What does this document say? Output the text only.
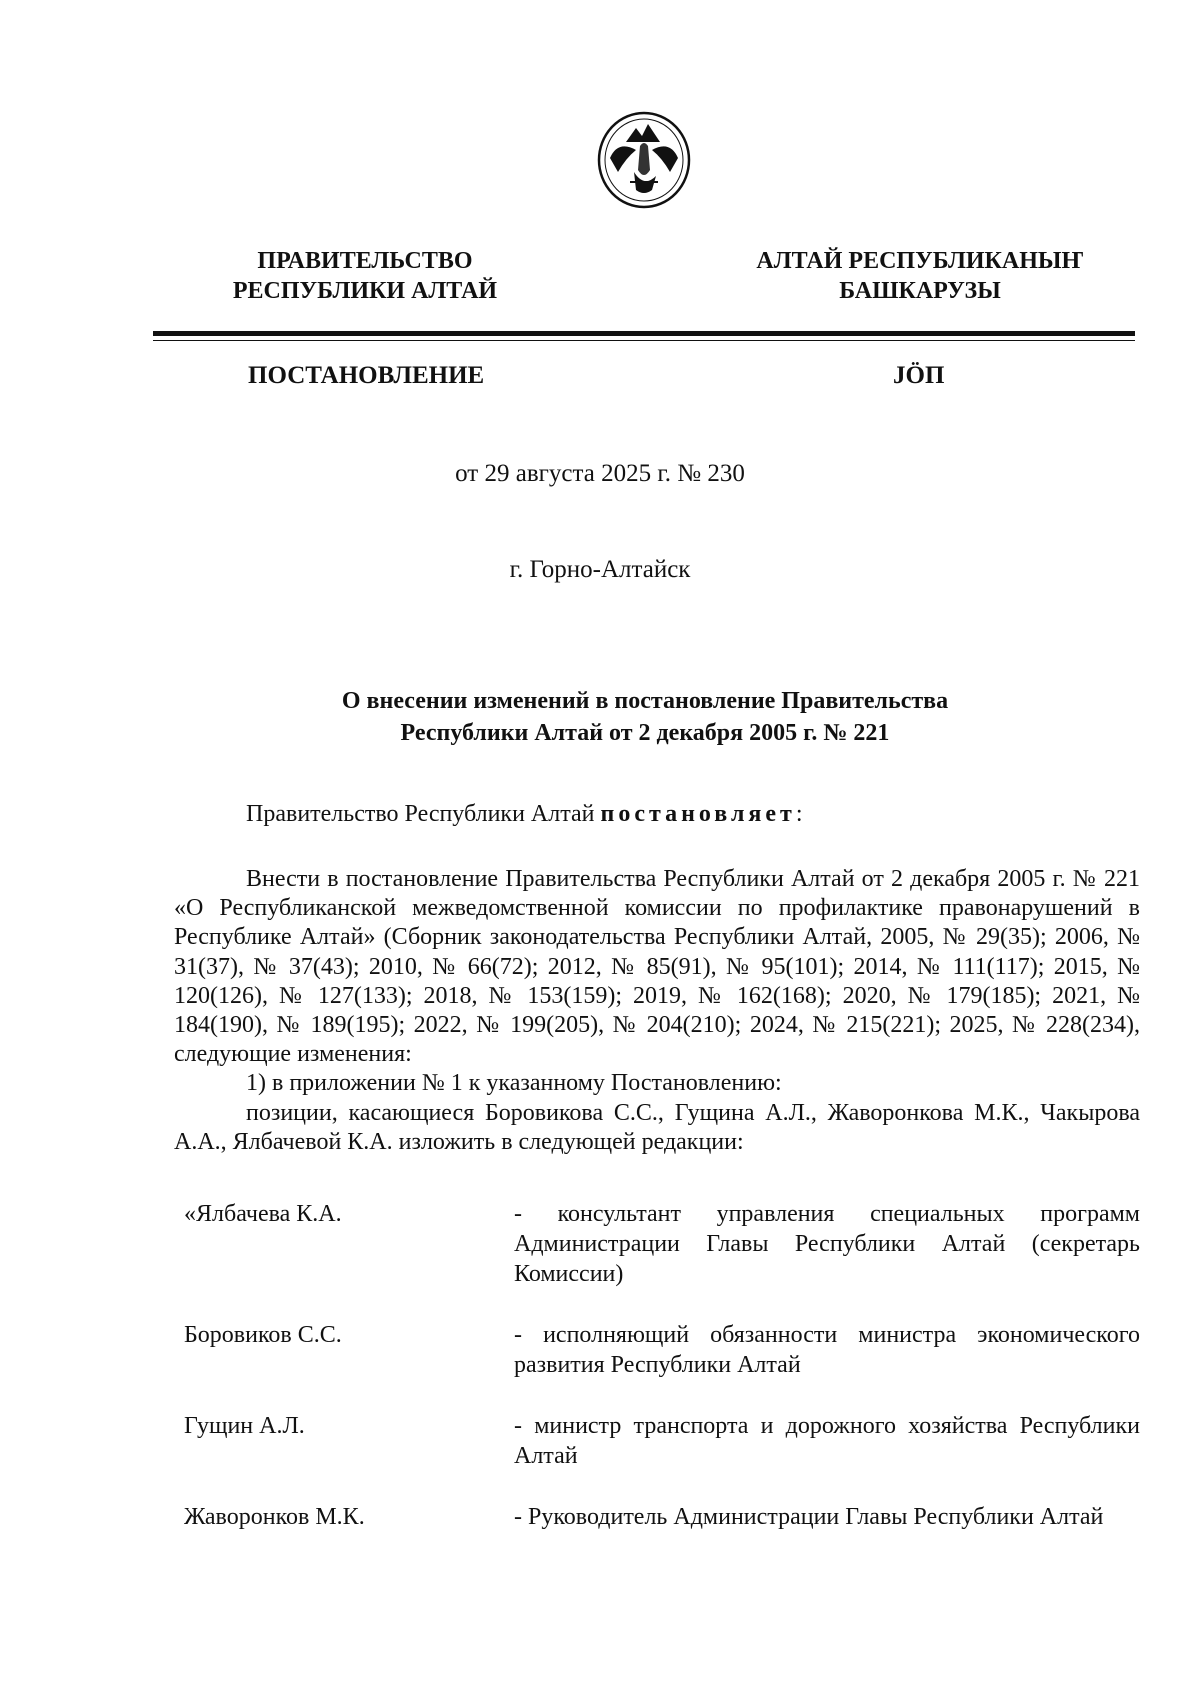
ПРАВИТЕЛЬСТВО
РЕСПУБЛИКИ АЛТАЙ
АЛТАЙ РЕСПУБЛИКАНЫҤ
БАШКАРУЗЫ
ПОСТАНОВЛЕНИЕ	JÖП
от 29 августа 2025 г. № 230
г. Горно-Алтайск
О внесении изменений в постановление Правительства
Республики Алтай от 2 декабря 2005 г. № 221

Правительство Республики Алтай постановляет:

Внести в постановление Правительства Республики Алтай от 2 декабря 2005 г. № 221 «О Республиканской межведомственной комиссии по профилактике правонарушений в Республике Алтай» (Сборник законодательства Республики Алтай, 2005, № 29(35); 2006, № 31(37), № 37(43); 2010, № 66(72); 2012, № 85(91), № 95(101); 2014, № 111(117); 2015, № 120(126), № 127(133); 2018, № 153(159); 2019, № 162(168); 2020, № 179(185); 2021, № 184(190), № 189(195); 2022, № 199(205), № 204(210); 2024, № 215(221); 2025, № 228(234), следующие изменения:

1) в приложении № 1 к указанному Постановлению:

позиции, касающиеся Боровикова С.С., Гущина А.Л., Жаворонкова М.К., Чакырова А.А., Ялбачевой К.А. изложить в следующей редакции:

«Ялбачева К.А.	- консультант управления специальных программ Администрации Главы Республики Алтай (секретарь Комиссии)
Боровиков С.С.	- исполняющий обязанности министра экономического развития Республики Алтай
Гущин А.Л.	- министр транспорта и дорожного хозяйства Республики Алтай
Жаворонков М.К.	- Руководитель Администрации Главы Республики Алтай
